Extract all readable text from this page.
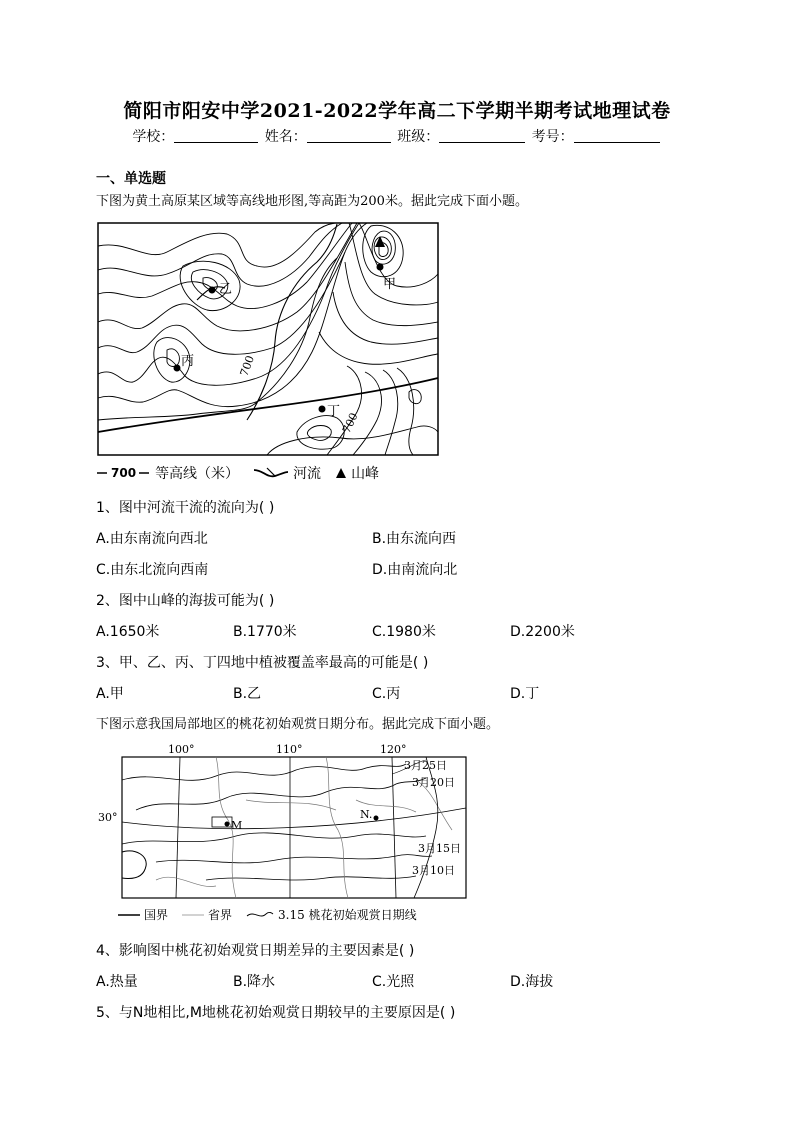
简阳市阳安中学2021-2022学年高二下学期半期考试地理试卷
学校：	姓名：	班级：	考号：
一、单选题
下图为黄土高原某区域等高线地形图,等高距为200米。据此完成下面小题。
乙
丙
甲
丁
700
700
700 等高线（米）	河流 山峰
1、图中河流干流的流向为( )
A.由东南流向西北	B.由东流向西
C.由东北流向西南	D.由南流向北
2、图中山峰的海拔可能为( )
A.1650米	B.1770米	C.1980米	D.2200米
3、甲、乙、丙、丁四地中植被覆盖率最高的可能是( )
A.甲	B.乙	C.丙	D.丁
下图示意我国局部地区的桃花初始观赏日期分布。据此完成下面小题。
M
N.
100°	110°	120°
30°
3月25日
3月20日
3月15日
3月10日
国界	省界	3.15 桃花初始观赏日期线
4、影响图中桃花初始观赏日期差异的主要因素是( )
A.热量	B.降水	C.光照	D.海拔
5、与N地相比,M地桃花初始观赏日期较早的主要原因是( )
